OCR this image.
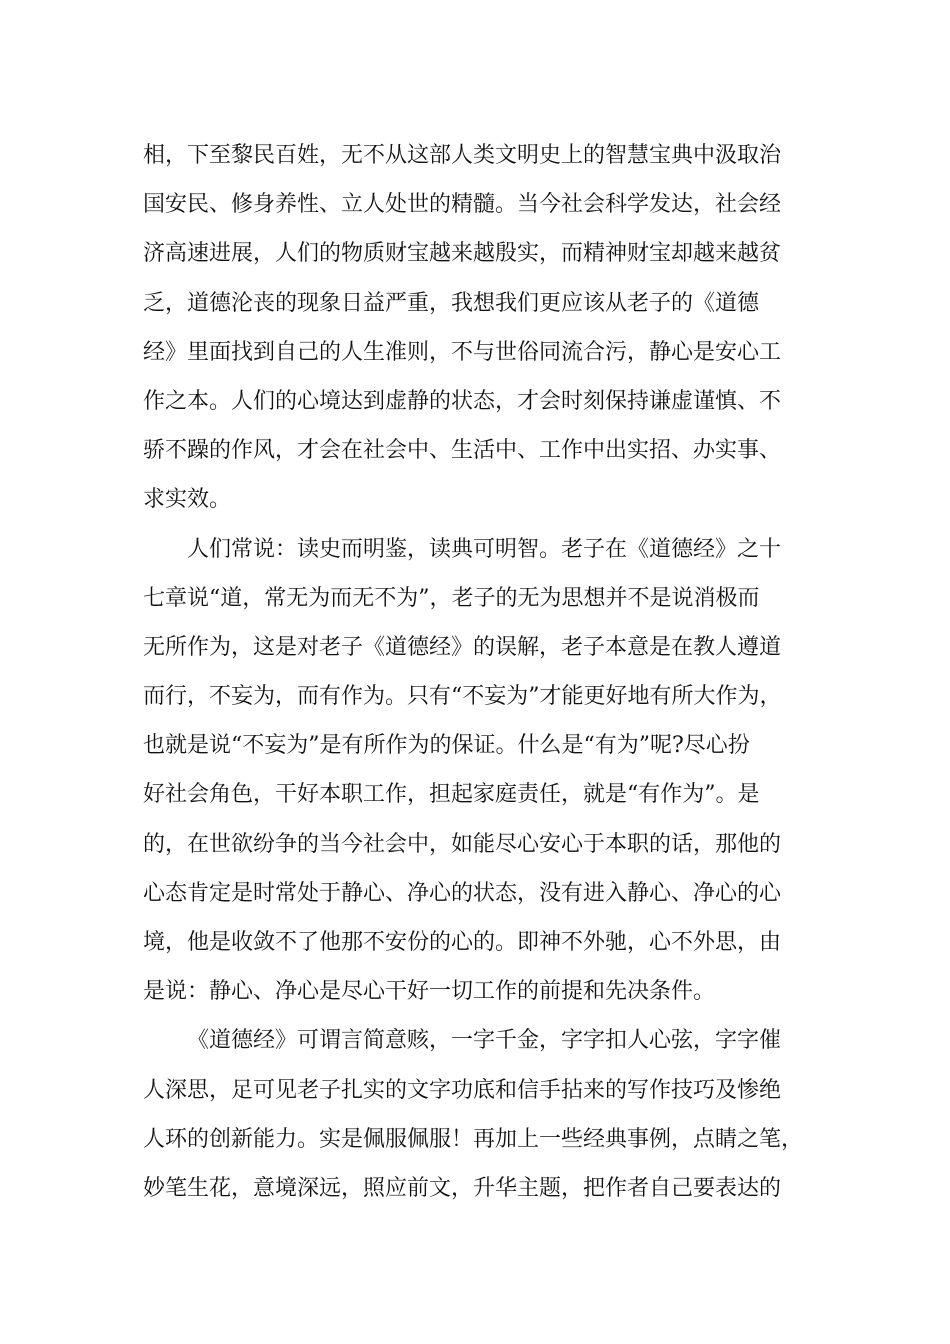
相，下至黎民百姓，无不从这部人类文明史上的智慧宝典中汲取治
国安民、修身养性、立人处世的精髓。当今社会科学发达，社会经
济高速进展，人们的物质财宝越来越殷实，而精神财宝却越来越贫
乏，道德沦丧的现象日益严重，我想我们更应该从老子的《道德
经》里面找到自己的人生准则，不与世俗同流合污，静心是安心工
作之本。人们的心境达到虚静的状态，才会时刻保持谦虚谨慎、不
骄不躁的作风，才会在社会中、生活中、工作中出实招、办实事、
求实效。
人们常说：读史而明鉴，读典可明智。老子在《道德经》之十
七章说“道，常无为而无不为”，老子的无为思想并不是说消极而
无所作为，这是对老子《道德经》的误解，老子本意是在教人遵道
而行，不妄为，而有作为。只有“不妄为”才能更好地有所大作为，
也就是说“不妄为”是有所作为的保证。什么是“有为”呢?尽心扮
好社会角色，干好本职工作，担起家庭责任，就是“有作为”。是
的，在世欲纷争的当今社会中，如能尽心安心于本职的话，那他的
心态肯定是时常处于静心、净心的状态，没有进入静心、净心的心
境，他是收敛不了他那不安份的心的。即神不外驰，心不外思，由
是说：静心、净心是尽心干好一切工作的前提和先决条件。
《道德经》可谓言简意赅，一字千金，字字扣人心弦，字字催
人深思，足可见老子扎实的文字功底和信手拈来的写作技巧及惨绝
人环的创新能力。实是佩服佩服！再加上一些经典事例，点睛之笔，
妙笔生花，意境深远，照应前文，升华主题，把作者自己要表达的
